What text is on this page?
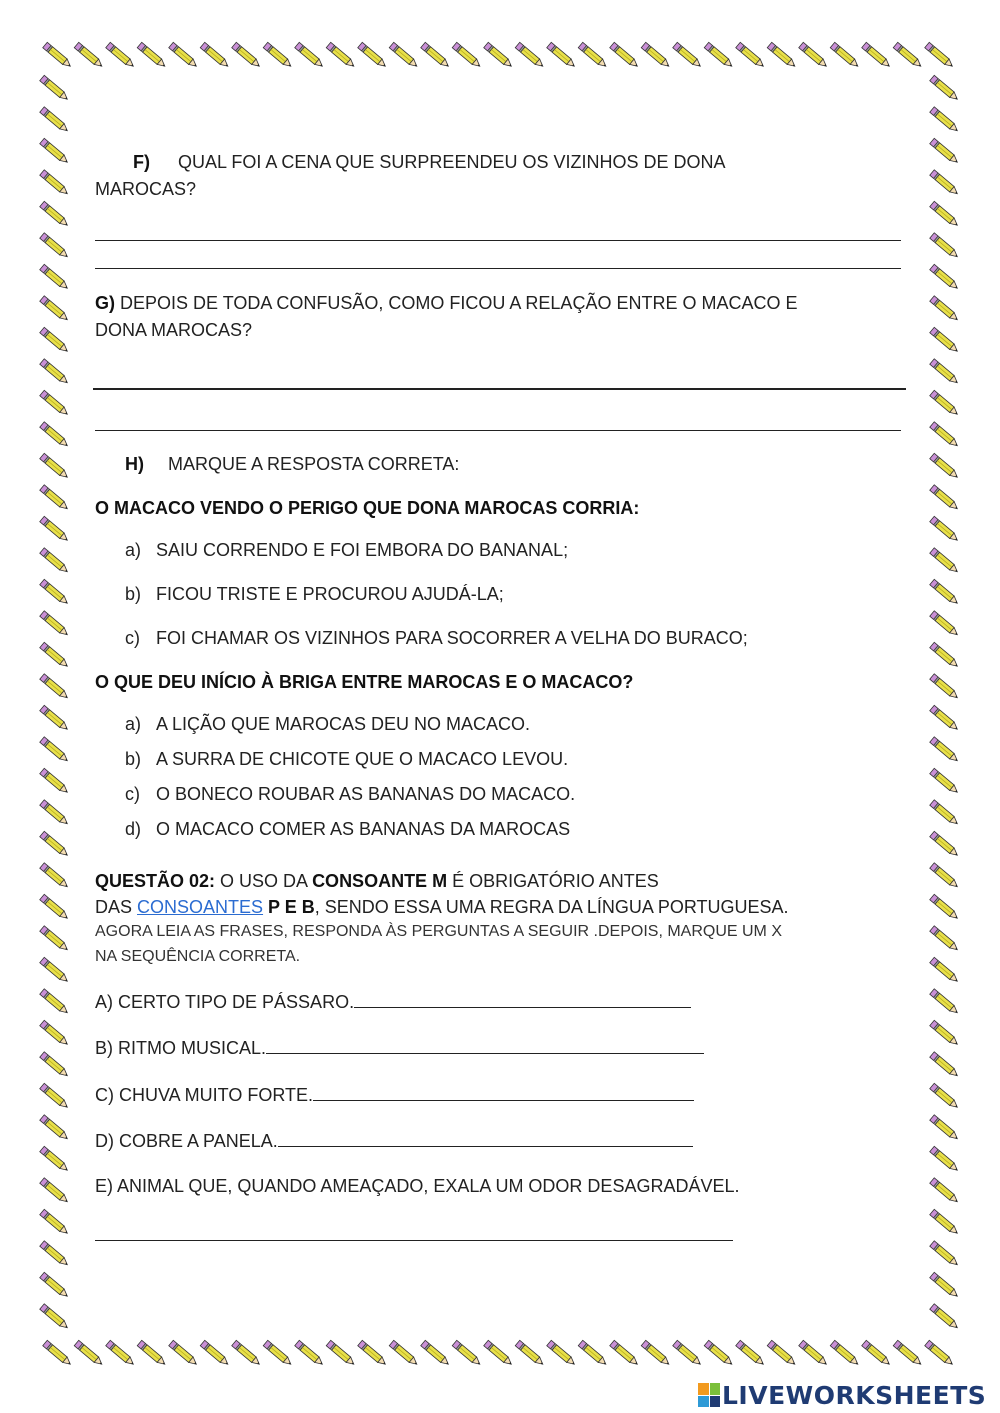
F) QUAL FOI A CENA QUE SURPREENDEU OS VIZINHOS DE DONA
MAROCAS?
G) DEPOIS DE TODA CONFUSÃO, COMO FICOU A RELAÇÃO ENTRE O MACACO E
DONA MAROCAS?
H) MARQUE A RESPOSTA CORRETA:
O MACACO VENDO O PERIGO QUE DONA MAROCAS CORRIA:
a) SAIU CORRENDO E FOI EMBORA DO BANANAL;
b) FICOU TRISTE E PROCUROU AJUDÁ-LA;
c) FOI CHAMAR OS VIZINHOS PARA SOCORRER A VELHA DO BURACO;
O QUE DEU INÍCIO À BRIGA ENTRE MAROCAS E O MACACO?
a) A LIÇÃO QUE MAROCAS DEU NO MACACO.
b) A SURRA DE CHICOTE QUE O MACACO LEVOU.
c) O BONECO ROUBAR AS BANANAS DO MACACO.
d) O MACACO COMER AS BANANAS DA MAROCAS
QUESTÃO 02: O USO DA CONSOANTE M É OBRIGATÓRIO ANTES
DAS CONSOANTES P E B, SENDO ESSA UMA REGRA DA LÍNGUA PORTUGUESA.
AGORA LEIA AS FRASES, RESPONDA ÀS PERGUNTAS A SEGUIR .DEPOIS, MARQUE UM X
NA SEQUÊNCIA CORRETA.
A) CERTO TIPO DE PÁSSARO.
B) RITMO MUSICAL.
C) CHUVA MUITO FORTE.
D) COBRE A PANELA.
E) ANIMAL QUE, QUANDO AMEAÇADO, EXALA UM ODOR DESAGRADÁVEL.
LIVEWORKSHEETS
